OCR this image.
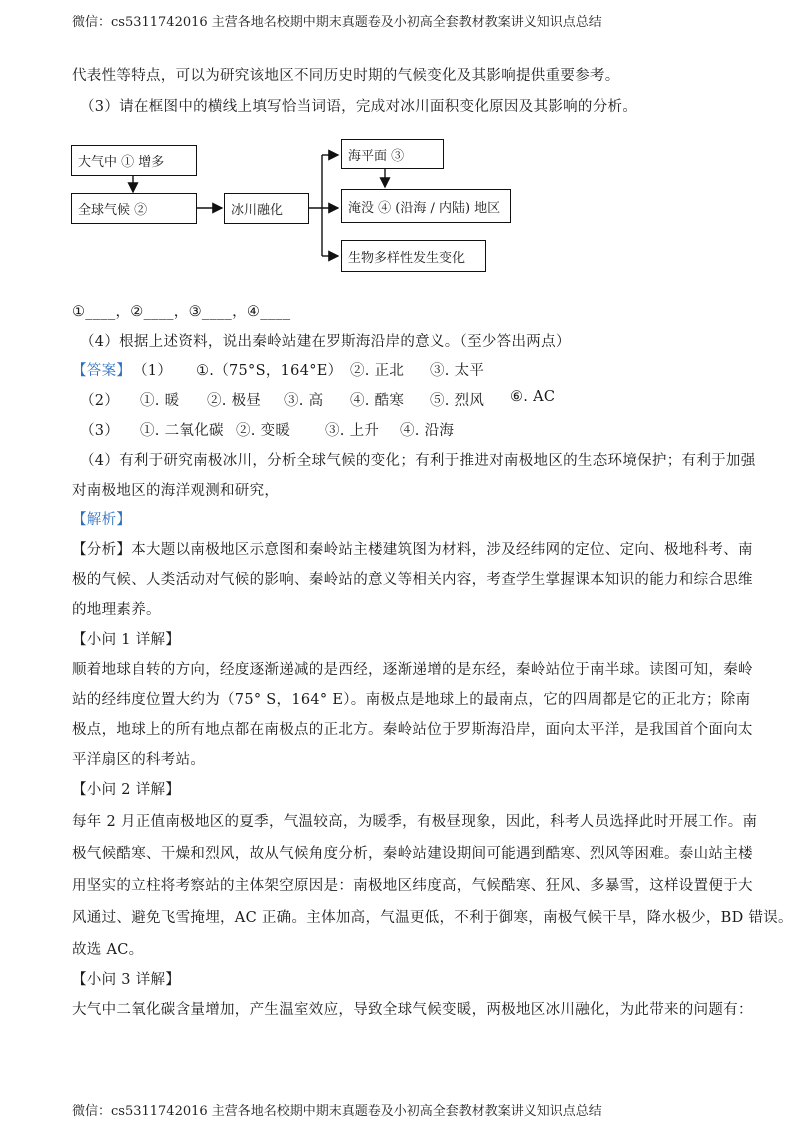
微信：cs5311742016 主营各地名校期中期末真题卷及小初高全套教材教案讲义知识点总结
代表性等特点，可以为研究该地区不同历史时期的气候变化及其影响提供重要参考。
（3）请在框图中的横线上填写恰当词语，完成对冰川面积变化原因及其影响的分析。
大气中 ① 增多
全球气候 ②	冰川融化
海平面 ③
淹没 ④ (沿海 / 内陆) 地区
生物多样性发生变化
①____，②____，③____，④____
（4）根据上述资料，说出秦岭站建在罗斯海沿岸的意义。（至少答出两点）
【答案】 （1） ①.（75°S，164°E） ②. 正北 ③. 太平
（2） ①. 暖 ②. 极昼 ③. 高 ④. 酷寒 ⑤. 烈风 ⑥. AC
（3） ①. 二氧化碳 ②. 变暖 ③. 上升 ④. 沿海
（4）有利于研究南极冰川，分析全球气候的变化；有利于推进对南极地区的生态环境保护；有利于加强
对南极地区的海洋观测和研究，
【解析】
【分析】本大题以南极地区示意图和秦岭站主楼建筑图为材料，涉及经纬网的定位、定向、极地科考、南
极的气候、人类活动对气候的影响、秦岭站的意义等相关内容，考查学生掌握课本知识的能力和综合思维
的地理素养。
【小问 1 详解】
顺着地球自转的方向，经度逐渐递减的是西经，逐渐递增的是东经，秦岭站位于南半球。读图可知，秦岭
站的经纬度位置大约为（75° S，164° E）。南极点是地球上的最南点，它的四周都是它的正北方；除南
极点，地球上的所有地点都在南极点的正北方。秦岭站位于罗斯海沿岸，面向太平洋，是我国首个面向太
平洋扇区的科考站。
【小问 2 详解】
每年 2 月正值南极地区的夏季，气温较高，为暖季，有极昼现象，因此，科考人员选择此时开展工作。南
极气候酷寒、干燥和烈风，故从气候角度分析，秦岭站建设期间可能遇到酷寒、烈风等困难。泰山站主楼
用坚实的立柱将考察站的主体架空原因是：南极地区纬度高，气候酷寒、狂风、多暴雪，这样设置便于大
风通过、避免飞雪掩埋，AC 正确。主体加高，气温更低，不利于御寒，南极气候干旱，降水极少，BD 错误。
故选 AC。
【小问 3 详解】
大气中二氧化碳含量增加，产生温室效应，导致全球气候变暖，两极地区冰川融化，为此带来的问题有：
微信：cs5311742016 主营各地名校期中期末真题卷及小初高全套教材教案讲义知识点总结
